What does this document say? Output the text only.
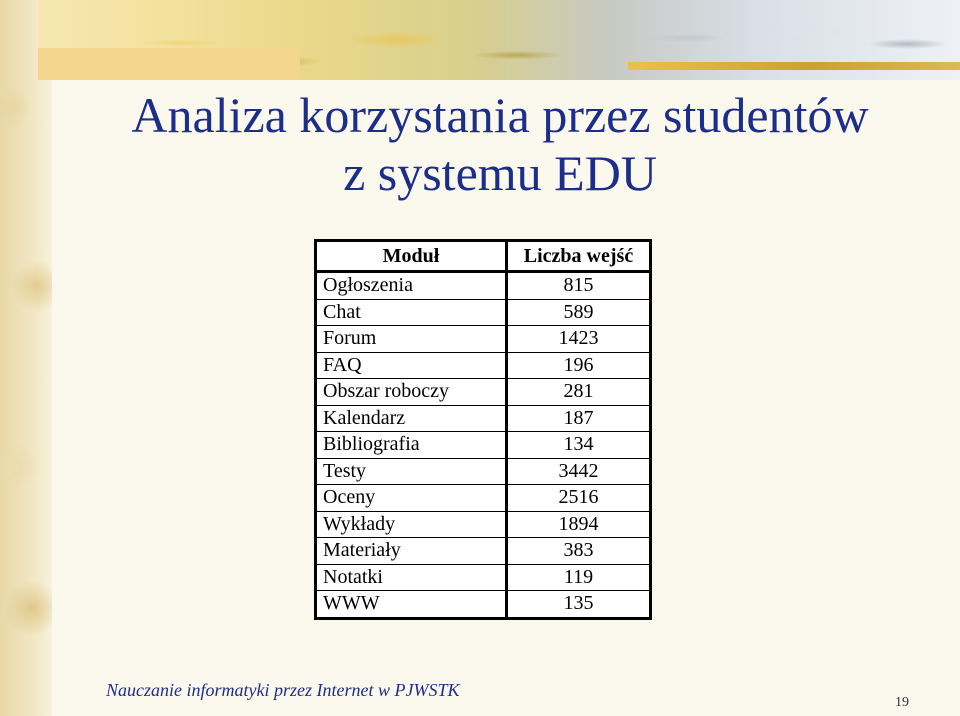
Analiza korzystania przez studentów
z systemu EDU
Moduł	Liczba wejść
Ogłoszenia	815
Chat	589
Forum	1423
FAQ	196
Obszar roboczy	281
Kalendarz	187
Bibliografia	134
Testy	3442
Oceny	2516
Wykłady	1894
Materiały	383
Notatki	119
WWW	135
Nauczanie informatyki przez Internet w PJWSTK
19
